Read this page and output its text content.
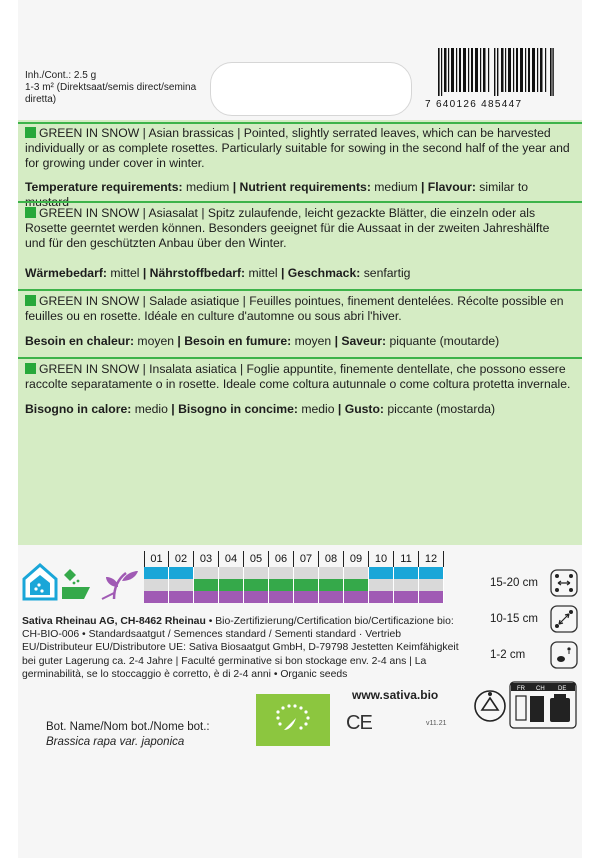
Inh./Cont.: 2.5 g
1-3 m² (Direktsaat/semis direct/semina
diretta)	7 640126 485447
GREEN IN SNOW | Asian brassicas | Pointed, slightly serrated leaves, which can be harvested individually or as complete rosettes. Particularly suitable for sowing in the second half of the year and for growing under cover in winter.
Temperature requirements: medium | Nutrient requirements: medium | Flavour: similar to
GREEN IN SNOW | Asiasalat | Spitz zulaufende, leicht gezackte Blätter, die einzeln oder als Rosette geerntet werden können. Besonders geeignet für die Aussaat in der zweiten Jahreshälfte und für den geschützten Anbau über den Winter.
Wärmebedarf: mittel | Nährstoffbedarf: mittel | Geschmack: senfartig
GREEN IN SNOW | Salade asiatique | Feuilles pointues, finement dentelées. Récolte possible en feuilles ou en rosette. Idéale en culture d'automne ou sous abri l'hiver.
Besoin en chaleur: moyen | Besoin en fumure: moyen | Saveur: piquante (moutarde)
GREEN IN SNOW | Insalata asiatica | Foglie appuntite, finemente dentellate, che possono essere raccolte separatamente o in rosette. Ideale come coltura autunnale o come coltura protetta invernale.
Bisogno in calore: medio | Bisogno in concime: medio | Gusto: piccante (mostarda)
01	02	03	04	05	06	07	08	09	10	11	12
15-20 cm
10-15 cm
1-2 cm
Sativa Rheinau AG, CH-8462 Rheinau • Bio-Zertifizierung/Certification bio/Certificazione bio: CH-BIO-006 • Standardsaatgut / Semences standard / Sementi standard · Vertrieb EU/Distributeur EU/Distributore UE: Sativa Biosaatgut GmbH, D-79798 Jestetten Keimfähigkeit bei guter Lagerung ca. 2-4 Jahre | Faculté germinative si bon stockage env. 2-4 ans | La germinabilità, se lo stoccaggio è corretto, è di 2-4 anni • Organic seeds
www.sativa.bio
Bot. Name/Nom bot./Nome bot.:
Brassica rapa var. japonica
CE	v11.21
FR CH DE
